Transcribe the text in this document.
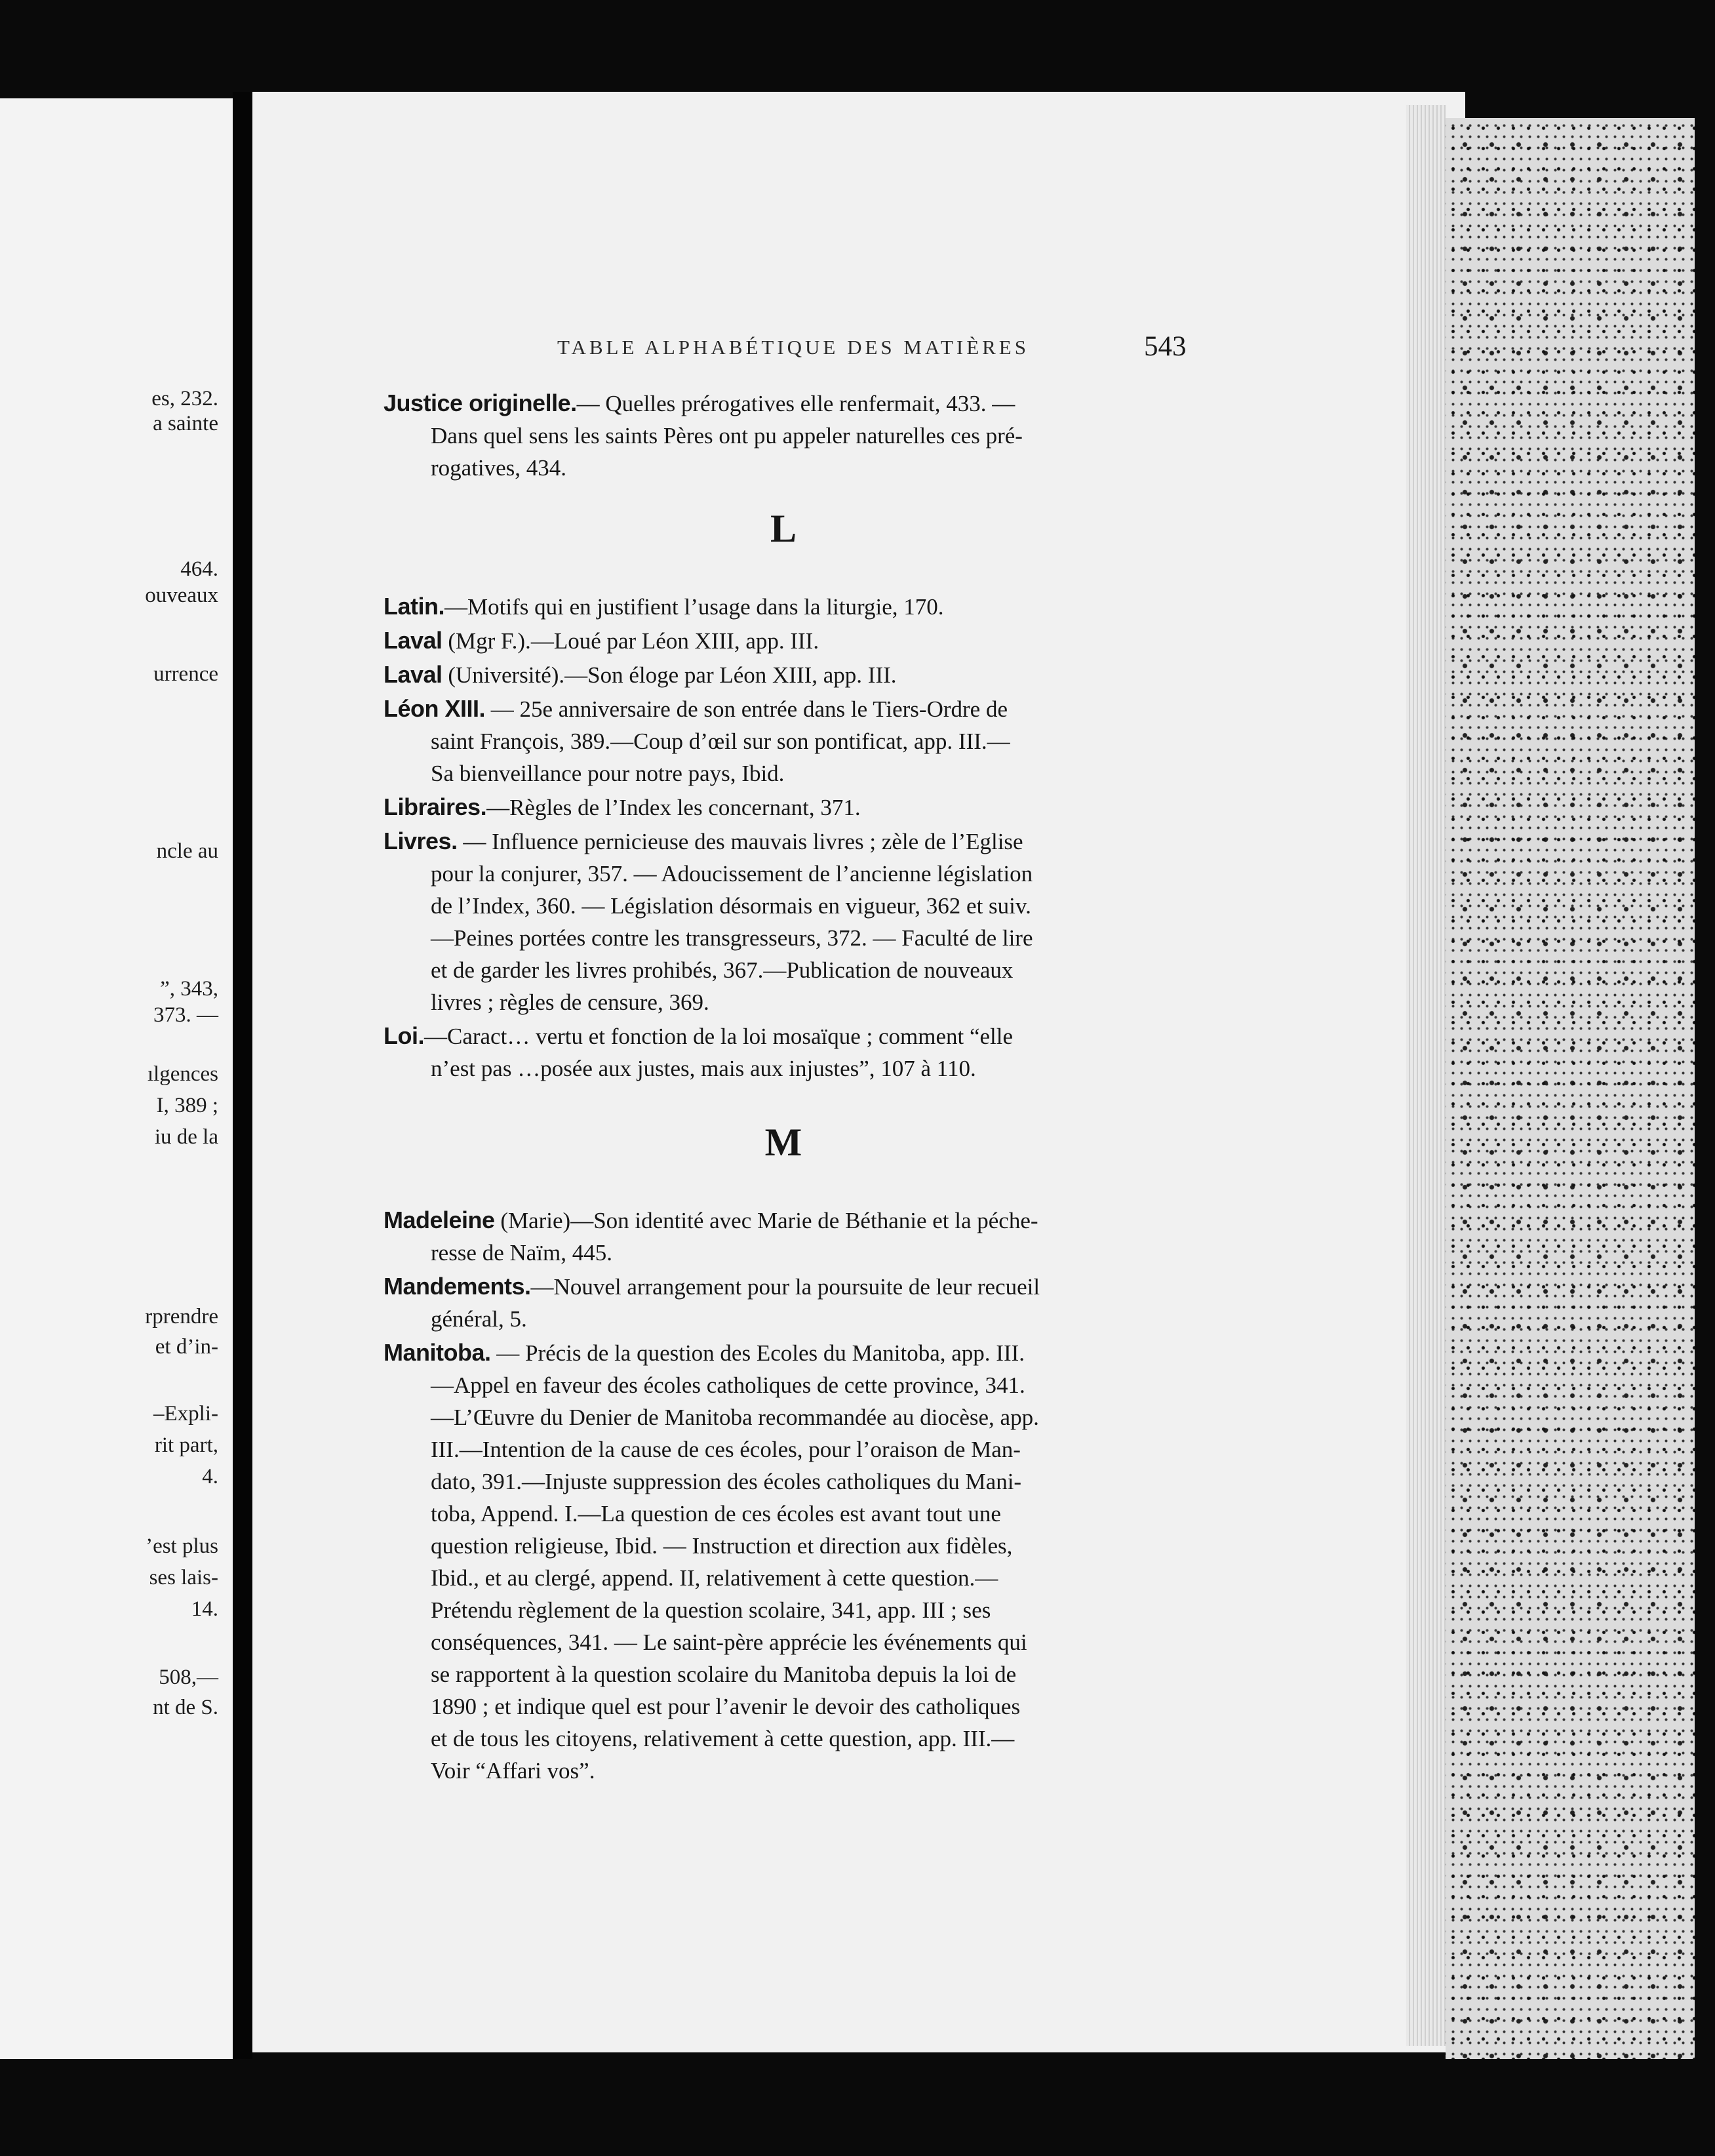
es, 232.
a sainte
464.
ouveaux
urrence
ncle au
”, 343,
373. —
ılgences
I, 389 ;
iu de la
rprendre
et d’in-
–Expli-
rit part,
4.
’est plus
ses lais-
14.
508,—
nt de S.
TABLE ALPHABÉTIQUE DES MATIÈRES	543
Justice originelle.— Quelles prérogatives elle renfermait, 433. —
Dans quel sens les saints Pères ont pu appeler naturelles ces pré-
rogatives, 434.
L
Latin.—Motifs qui en justifient l’usage dans la liturgie, 170.
Laval (Mgr F.).—Loué par Léon XIII, app. III.
Laval (Université).—Son éloge par Léon XIII, app. III.
Léon XIII. — 25e anniversaire de son entrée dans le Tiers-Ordre de
saint François, 389.—Coup d’œil sur son pontificat, app. III.—
Sa bienveillance pour notre pays, Ibid.
Libraires.—Règles de l’Index les concernant, 371.
Livres. — Influence pernicieuse des mauvais livres ; zèle de l’Eglise
pour la conjurer, 357. — Adoucissement de l’ancienne législation
de l’Index, 360. — Législation désormais en vigueur, 362 et suiv.
—Peines portées contre les transgresseurs, 372. — Faculté de lire
et de garder les livres prohibés, 367.—Publication de nouveaux
livres ; règles de censure, 369.
Loi.—Caract… vertu et fonction de la loi mosaïque ; comment “elle
n’est pas …posée aux justes, mais aux injustes”, 107 à 110.
M
Madeleine (Marie)—Son identité avec Marie de Béthanie et la péche-
resse de Naïm, 445.
Mandements.—Nouvel arrangement pour la poursuite de leur recueil
général, 5.
Manitoba. — Précis de la question des Ecoles du Manitoba, app. III.
—Appel en faveur des écoles catholiques de cette province, 341.
—L’Œuvre du Denier de Manitoba recommandée au diocèse, app.
III.—Intention de la cause de ces écoles, pour l’oraison de Man-
dato, 391.—Injuste suppression des écoles catholiques du Mani-
toba, Append. I.—La question de ces écoles est avant tout une
question religieuse, Ibid. — Instruction et direction aux fidèles,
Ibid., et au clergé, append. II, relativement à cette question.—
Prétendu règlement de la question scolaire, 341, app. III ; ses
conséquences, 341. — Le saint-père apprécie les événements qui
se rapportent à la question scolaire du Manitoba depuis la loi de
1890 ; et indique quel est pour l’avenir le devoir des catholiques
et de tous les citoyens, relativement à cette question, app. III.—
Voir “Affari vos”.
